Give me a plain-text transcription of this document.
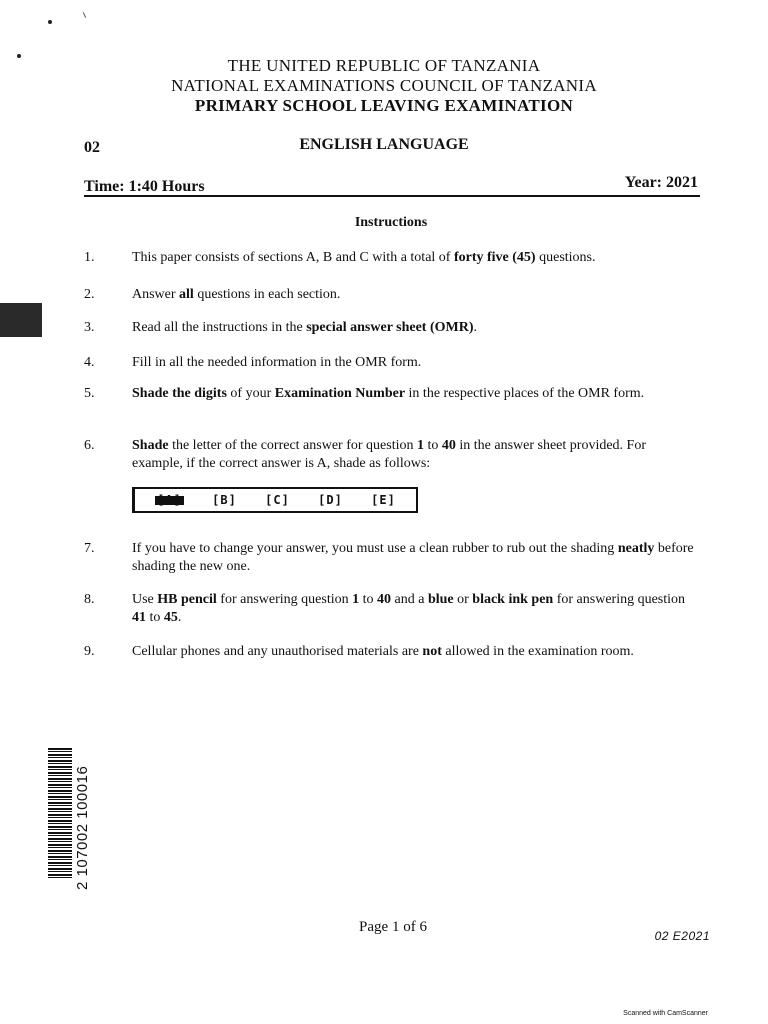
THE UNITED REPUBLIC OF TANZANIA
NATIONAL EXAMINATIONS COUNCIL OF TANZANIA
PRIMARY SCHOOL LEAVING EXAMINATION
02	ENGLISH LANGUAGE
Time: 1:40 Hours	Year: 2021
Instructions
1.	This paper consists of sections A, B and C with a total of forty five (45) questions.
2.	Answer all questions in each section.
3.	Read all the instructions in the special answer sheet (OMR).
4.	Fill in all the needed information in the OMR form.
5.	Shade the digits of your Examination Number in the respective places of the OMR form.
6.	Shade the letter of the correct answer for question 1 to 40 in the answer sheet provided. For example, if the correct answer is A, shade as follows:
7.	If you have to change your answer, you must use a clean rubber to rub out the shading neatly before shading the new one.
8.	Use HB pencil for answering question 1 to 40 and a blue or black ink pen for answering question 41 to 45.
9.	Cellular phones and any unauthorised materials are not allowed in the examination room.
[A]	[B] [C] [D] [E]
2 107002 100016
Page 1 of 6
02 E2021
Scanned with CamScanner
